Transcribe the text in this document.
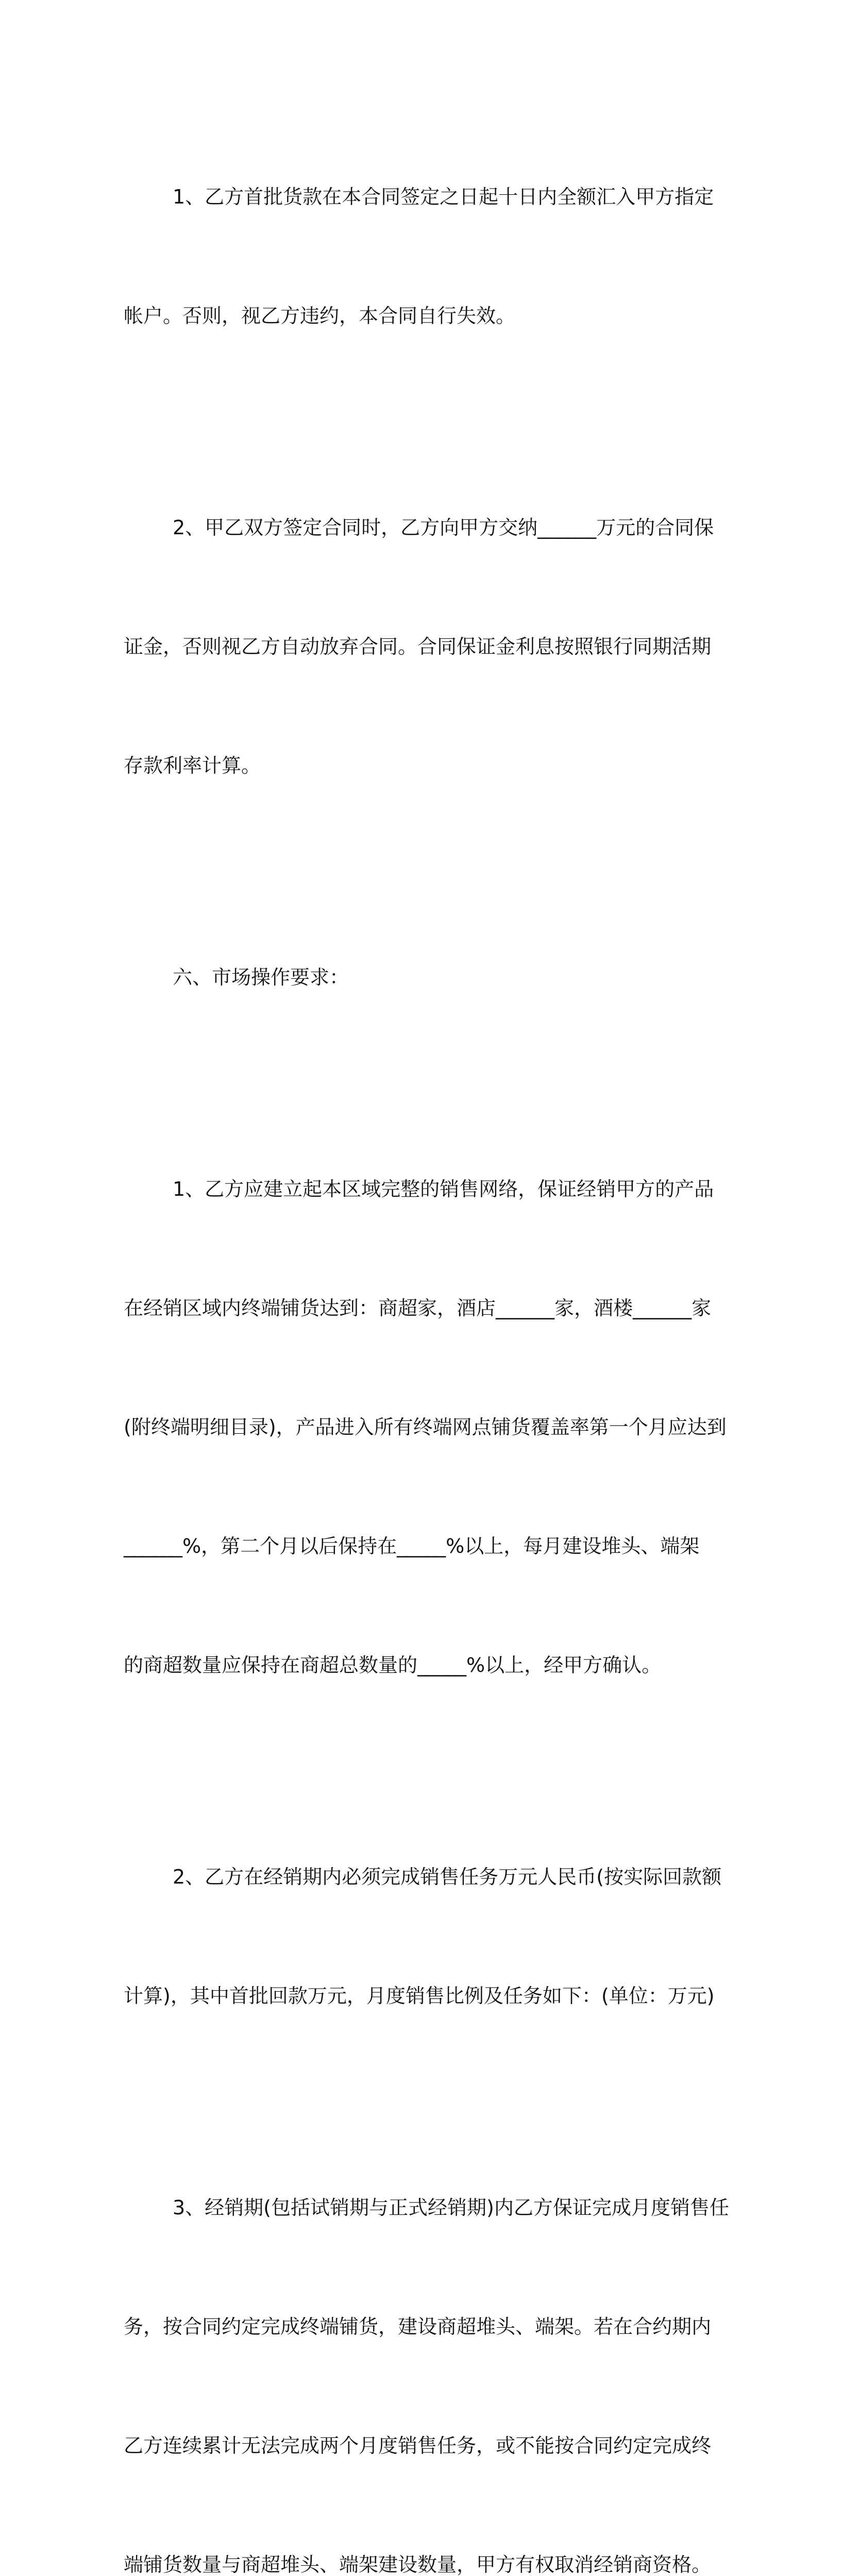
1、乙方首批货款在本合同签定之日起十日内全额汇入甲方指定

帐户。否则，视乙方违约，本合同自行失效。

2、甲乙双方签定合同时，乙方向甲方交纳______万元的合同保

证金，否则视乙方自动放弃合同。合同保证金利息按照银行同期活期

存款利率计算。

六、市场操作要求：

1、乙方应建立起本区域完整的销售网络，保证经销甲方的产品

在经销区域内终端铺货达到：商超家，酒店______家，酒楼______家

(附终端明细目录)，产品进入所有终端网点铺货覆盖率第一个月应达到

______%，第二个月以后保持在_____%以上，每月建设堆头、端架

的商超数量应保持在商超总数量的_____%以上，经甲方确认。

2、乙方在经销期内必须完成销售任务万元人民币(按实际回款额

计算)，其中首批回款万元，月度销售比例及任务如下：(单位：万元)

3、经销期(包括试销期与正式经销期)内乙方保证完成月度销售任

务，按合同约定完成终端铺货，建设商超堆头、端架。若在合约期内

乙方连续累计无法完成两个月度销售任务，或不能按合同约定完成终

端铺货数量与商超堆头、端架建设数量，甲方有权取消经销商资格。
